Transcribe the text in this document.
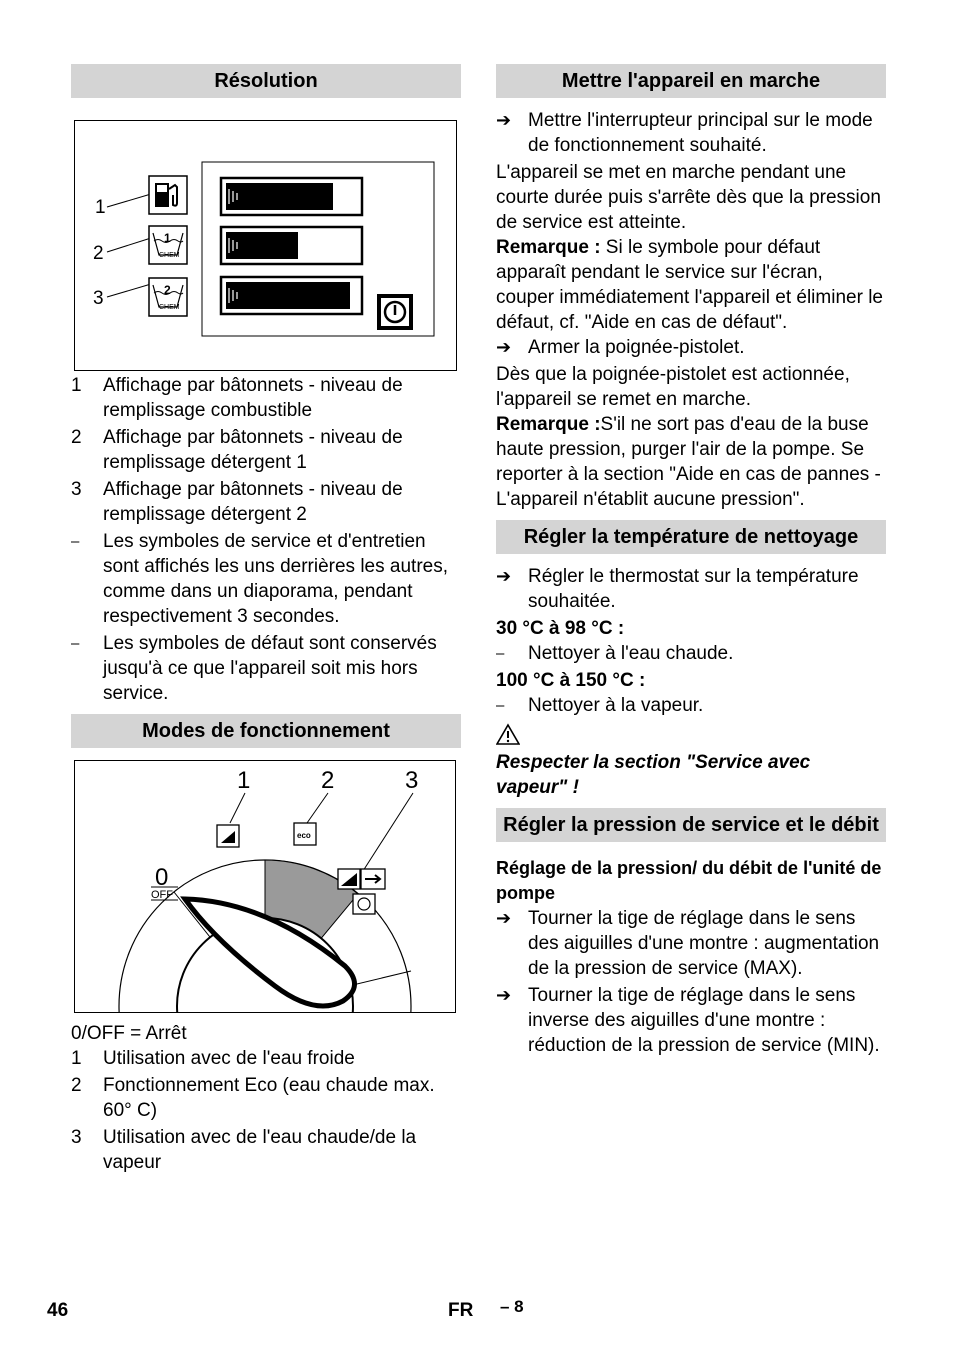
Résolution
1
2
3
1
CHEM
2
CHEM
1	Affichage par bâtonnets - niveau de remplissage combustible
2	Affichage par bâtonnets - niveau de remplissage détergent 1
3	Affichage par bâtonnets - niveau de remplissage détergent 2
–	Les symboles de service et d'entretien sont affichés les uns derrières les autres, comme dans un diaporama, pendant respectivement 3 secondes.
–	Les symboles de défaut sont conservés jusqu'à ce que l'appareil soit mis hors service.
Modes de fonctionnement
0
OFF
1	2	3
eco
0/OFF = Arrêt
1	Utilisation avec de l'eau froide
2	Fonctionnement Eco (eau chaude max. 60° C)
3	Utilisation avec de l'eau chaude/de la vapeur
Mettre l'appareil en marche
➔ Mettre l'interrupteur principal sur le mode de fonctionnement souhaité.
L'appareil se met en marche pendant une courte durée puis s'arrête dès que la pression de service est atteinte.
Remarque : Si le symbole pour défaut apparaît pendant le service sur l'écran, couper immédiatement l'appareil et éliminer le défaut, cf. "Aide en cas de défaut".
➔ Armer la poignée-pistolet.
Dès que la poignée-pistolet est actionnée, l'appareil se remet en marche.
Remarque :S'il ne sort pas d'eau de la buse haute pression, purger l'air de la pompe. Se reporter à la section "Aide en cas de pannes - L'appareil n'établit aucune pression".
Régler la température de nettoyage
➔ Régler le thermostat sur la température souhaitée.
30 °C à 98 °C :
–	Nettoyer à l'eau chaude.
100 °C à 150 °C :
–	Nettoyer à la vapeur.
Respecter la section "Service avec vapeur" !
Régler la pression de service et le débit
Réglage de la pression/ du débit de l'unité de pompe
➔ Tourner la tige de réglage dans le sens des aiguilles d'une montre : augmentation de la pression de service (MAX).
➔ Tourner la tige de réglage dans le sens inverse des aiguilles d'une montre : réduction de la pression de service (MIN).
46	FR – 8
